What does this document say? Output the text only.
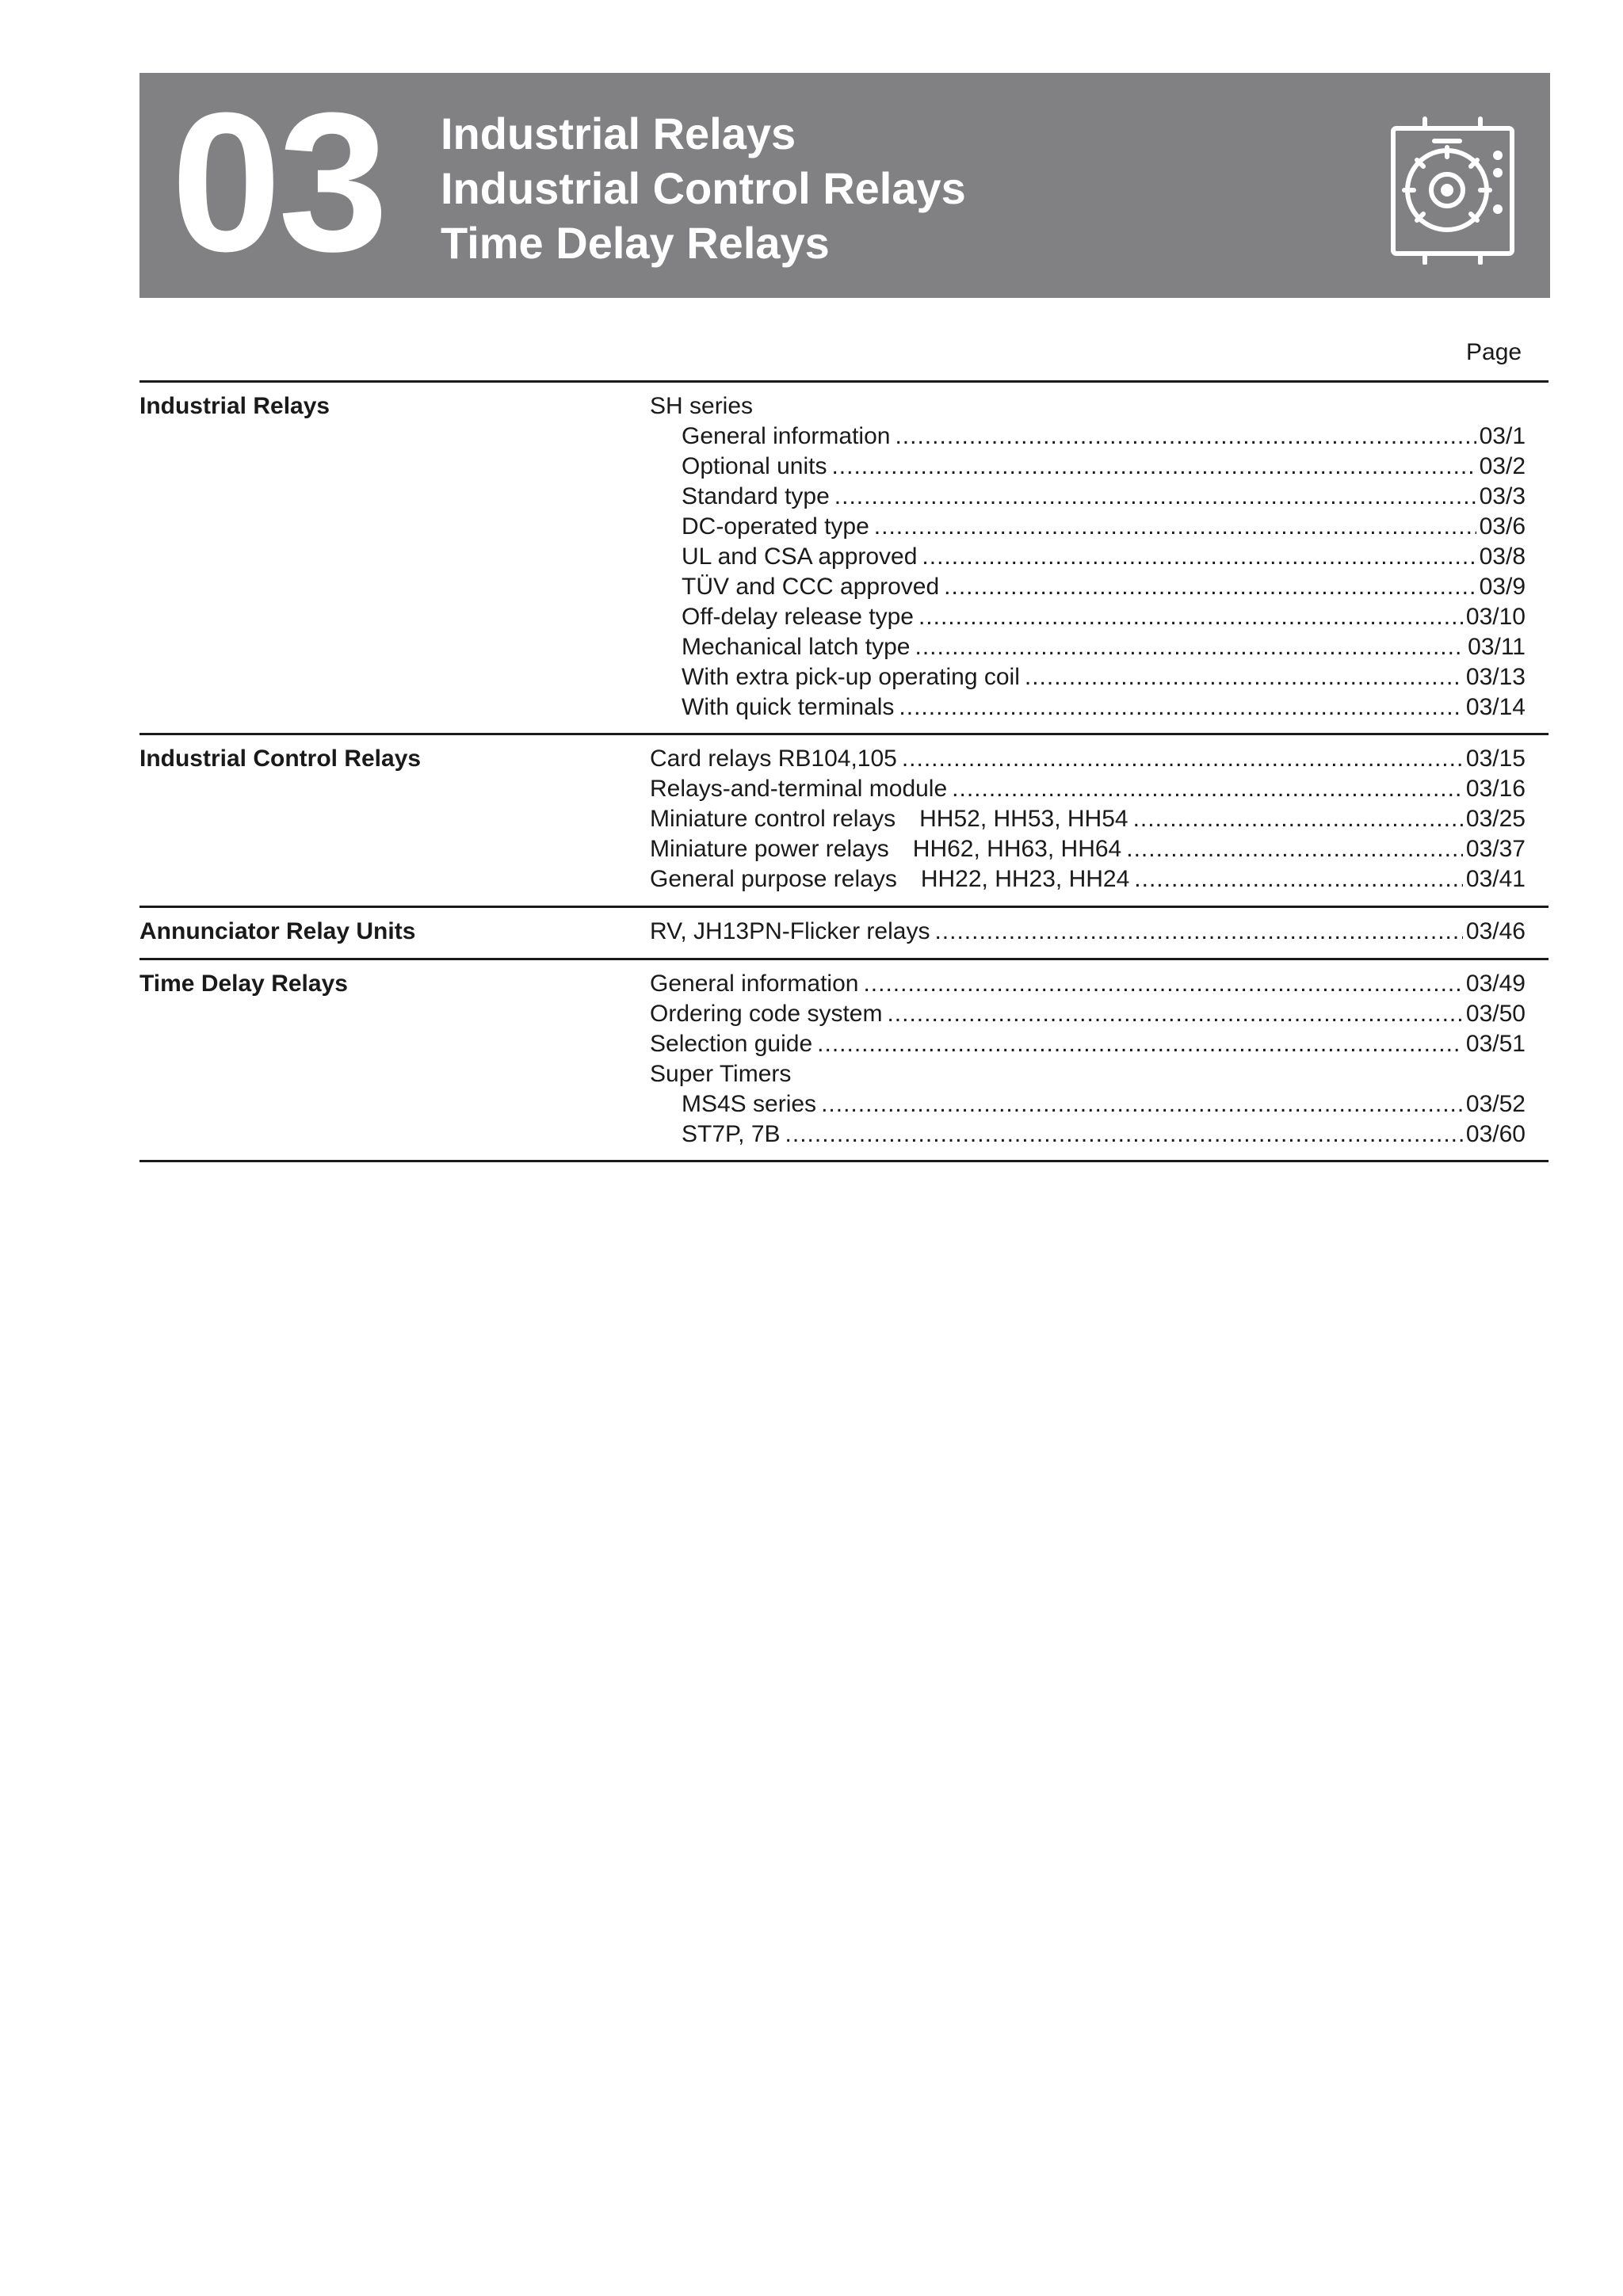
03 Industrial Relays
Industrial Control Relays
Time Delay Relays
Page
Industrial Relays	SH series
General information .....	03/1
Optional units .....	03/2
Standard type .....	03/3
DC-operated type .....	03/6
UL and CSA approved .....	03/8
TÜV and CCC approved .....	03/9
Off-delay release type .....	03/10
Mechanical latch type .....	03/11
With extra pick-up operating coil .....	03/13
With quick terminals .....	03/14
Industrial Control Relays	Card relays RB104,105 .....	03/15
Relays-and-terminal module .....	03/16
Miniature control relays HH52, HH53, HH54 .....	03/25
Miniature power relays HH62, HH63, HH64 .....	03/37
General purpose relays HH22, HH23, HH24 .....	03/41
Annunciator Relay Units	RV, JH13PN-Flicker relays .....	03/46
Time Delay Relays	General information .....	03/49
Ordering code system .....	03/50
Selection guide .....	03/51
Super Timers
MS4S series .....	03/52
ST7P, 7B .....	03/60
